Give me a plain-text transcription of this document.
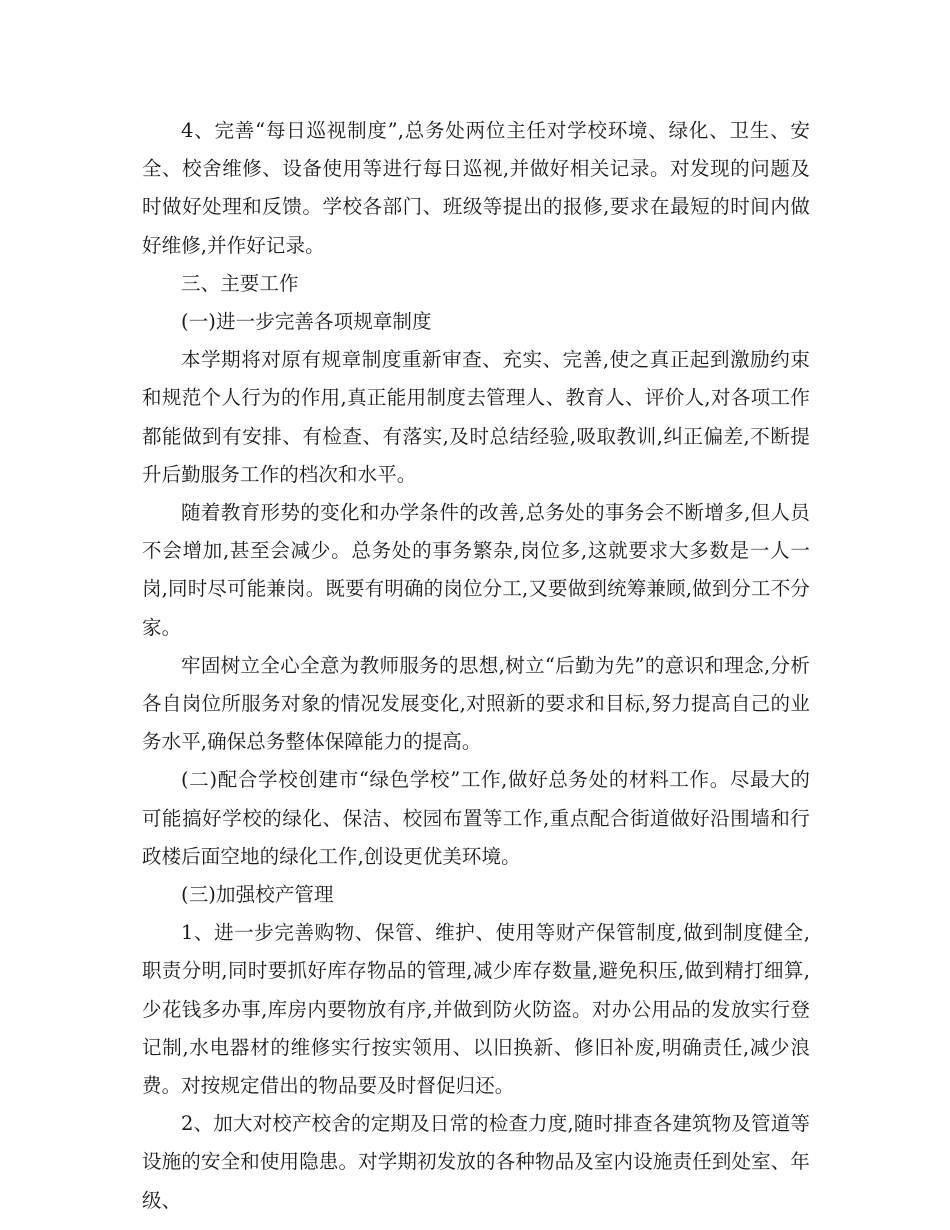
4、完善“每日巡视制度”,总务处两位主任对学校环境、绿化、卫生、安全、校舍维修、设备使用等进行每日巡视,并做好相关记录。对发现的问题及时做好处理和反馈。学校各部门、班级等提出的报修,要求在最短的时间内做好维修,并作好记录。

三、主要工作

(一)进一步完善各项规章制度

本学期将对原有规章制度重新审查、充实、完善,使之真正起到激励约束和规范个人行为的作用,真正能用制度去管理人、教育人、评价人,对各项工作都能做到有安排、有检查、有落实,及时总结经验,吸取教训,纠正偏差,不断提升后勤服务工作的档次和水平。

随着教育形势的变化和办学条件的改善,总务处的事务会不断增多,但人员不会增加,甚至会减少。总务处的事务繁杂,岗位多,这就要求大多数是一人一岗,同时尽可能兼岗。既要有明确的岗位分工,又要做到统筹兼顾,做到分工不分家。

牢固树立全心全意为教师服务的思想,树立“后勤为先”的意识和理念,分析各自岗位所服务对象的情况发展变化,对照新的要求和目标,努力提高自己的业务水平,确保总务整体保障能力的提高。

(二)配合学校创建市“绿色学校”工作,做好总务处的材料工作。尽最大的可能搞好学校的绿化、保洁、校园布置等工作,重点配合街道做好沿围墙和行政楼后面空地的绿化工作,创设更优美环境。

(三)加强校产管理

1、进一步完善购物、保管、维护、使用等财产保管制度,做到制度健全,职责分明,同时要抓好库存物品的管理,减少库存数量,避免积压,做到精打细算,少花钱多办事,库房内要物放有序,并做到防火防盗。对办公用品的发放实行登记制,水电器材的维修实行按实领用、以旧换新、修旧补废,明确责任,减少浪费。对按规定借出的物品要及时督促归还。

2、加大对校产校舍的定期及日常的检查力度,随时排查各建筑物及管道等设施的安全和使用隐患。对学期初发放的各种物品及室内设施责任到处室、年级、
